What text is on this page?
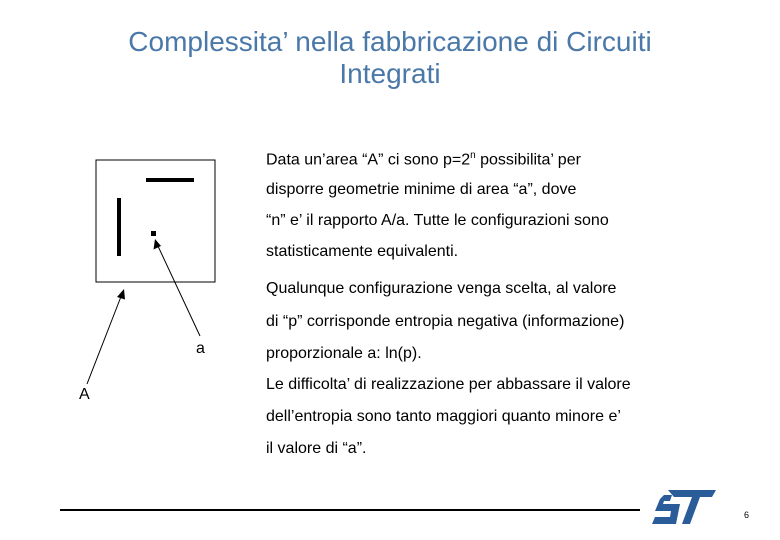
Complessita’ nella fabbricazione di Circuiti
Integrati
a
A
Data un’area “A” ci sono $p=2^n$ possibilita’ per
disporre geometrie minime di area “a”, dove
“n” e’ il rapporto A/a. Tutte le configurazioni sono
statisticamente equivalenti.
Qualunque configurazione venga scelta, al valore
di “p” corrisponde entropia negativa (informazione)
proporzionale a: ln(p).
Le difficolta’ di realizzazione per abbassare il valore
dell’entropia sono tanto maggiori quanto minore e’
il valore di “a”.
6
